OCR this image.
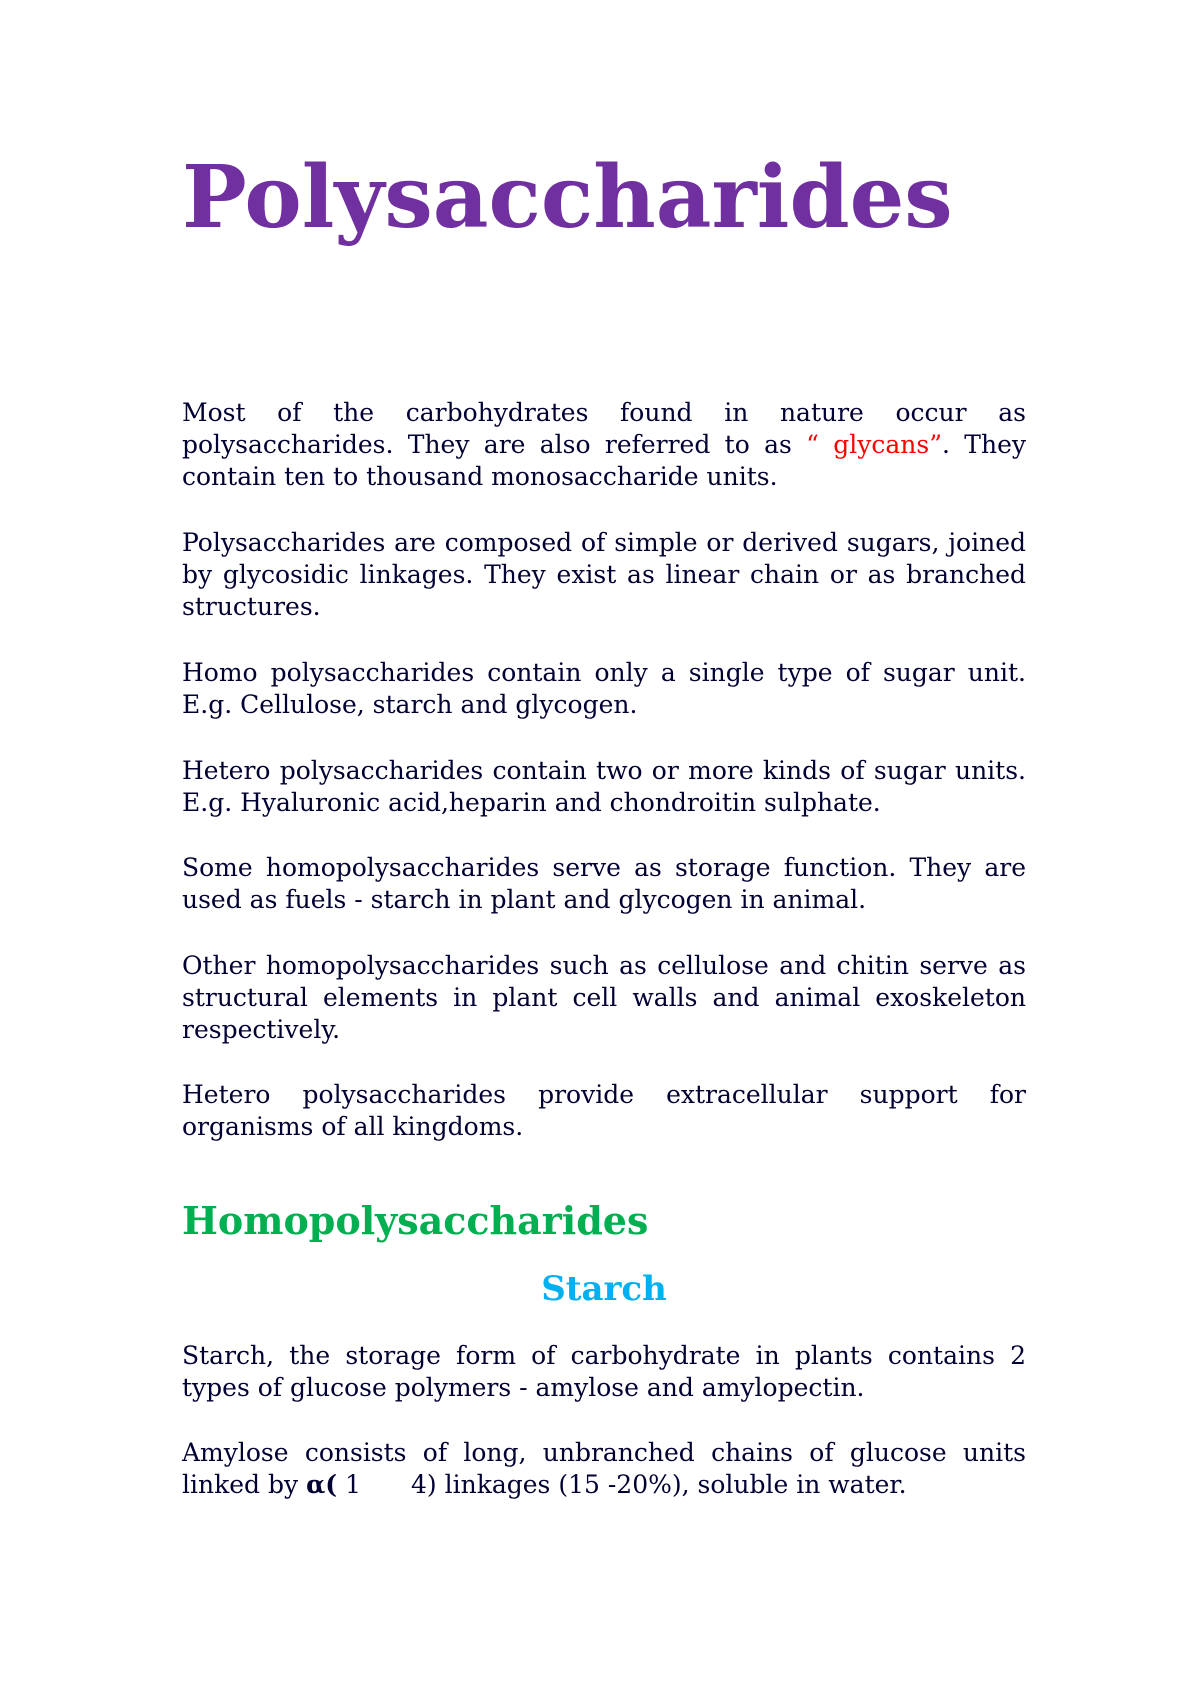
Polysaccharides

Most of the carbohydrates found in nature occur as polysaccharides. They are also referred to as “ glycans”. They contain ten to thousand monosaccharide units.

Polysaccharides are composed of simple or derived sugars, joined by glycosidic linkages. They exist as linear chain or as branched structures.

Homo polysaccharides contain only a single type of sugar unit. E.g. Cellulose, starch and glycogen.

Hetero polysaccharides contain two or more kinds of sugar units. E.g. Hyaluronic acid,heparin and chondroitin sulphate.

Some homopolysaccharides serve as storage function. They are used as fuels - starch in plant and glycogen in animal.

Other homopolysaccharides such as cellulose and chitin serve as structural elements in plant cell walls and animal exoskeleton respectively.

Hetero polysaccharides provide extracellular support for organisms of all kingdoms.

Homopolysaccharides
Starch

Starch, the storage form of carbohydrate in plants contains 2 types of glucose polymers - amylose and amylopectin.

Amylose consists of long, unbranched chains of glucose units linked by α( 1 4) linkages (15 -20%), soluble in water.
